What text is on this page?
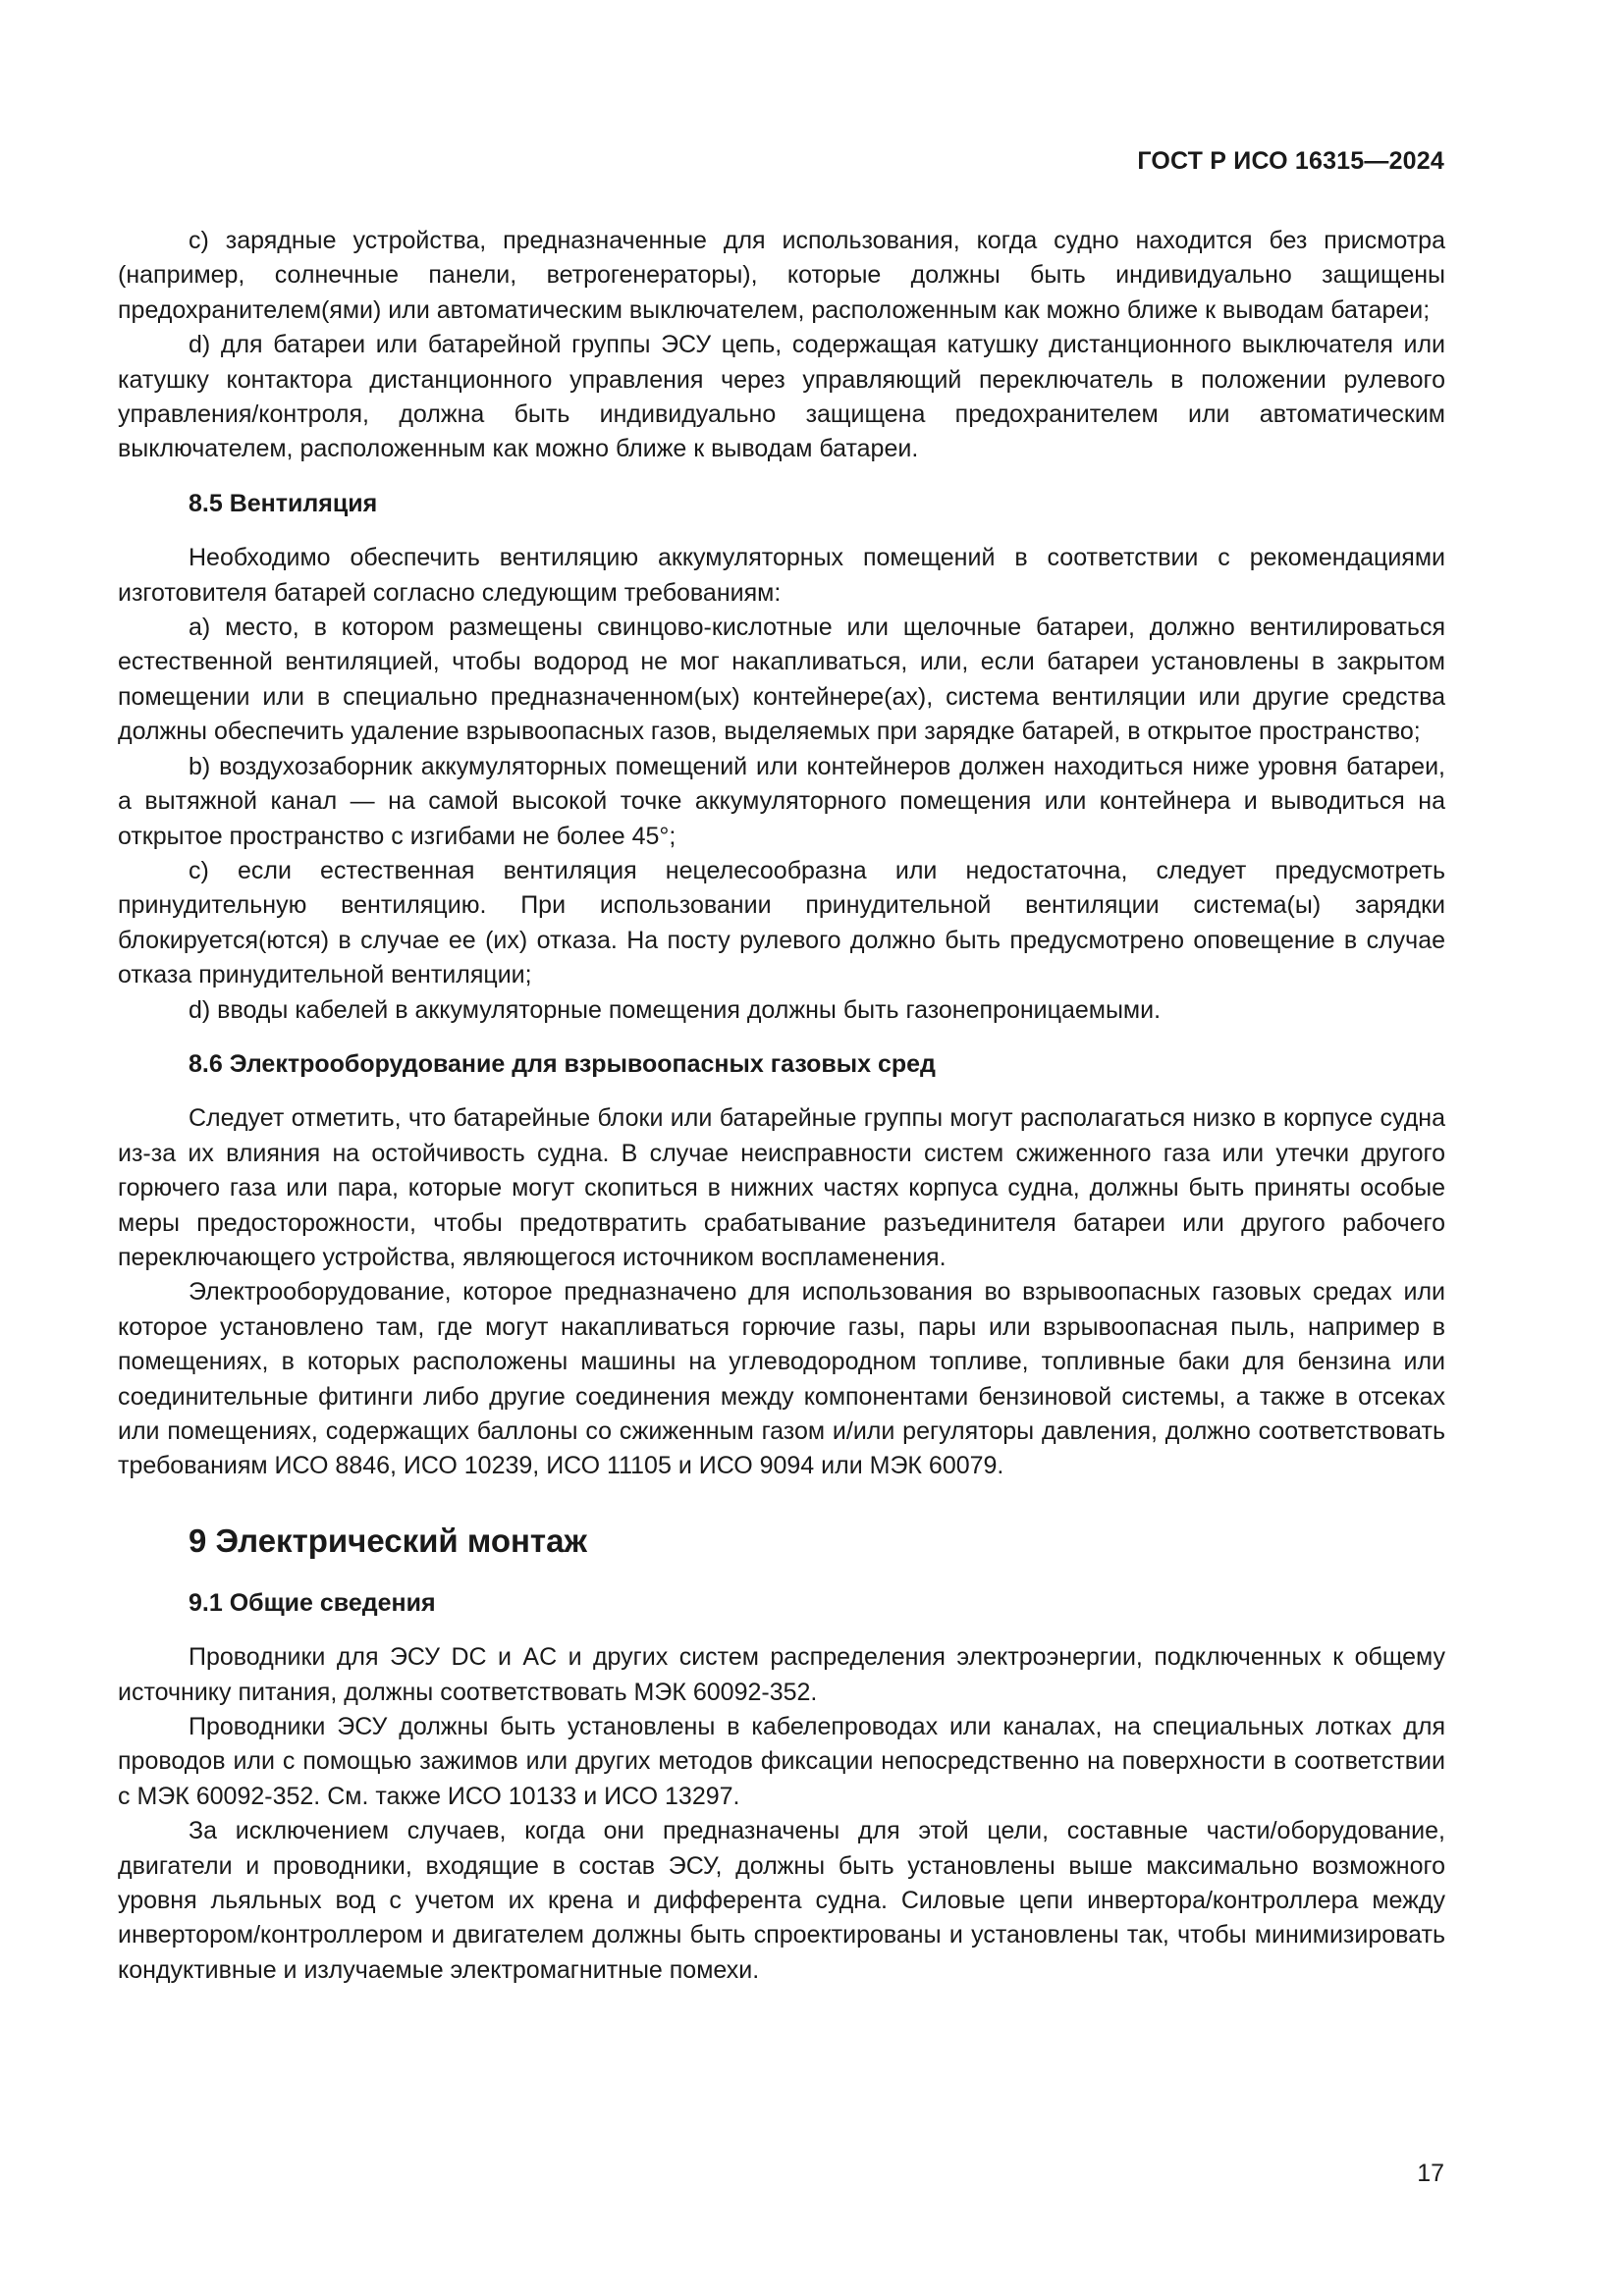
ГОСТ Р ИСО 16315—2024

c) зарядные устройства, предназначенные для использования, когда судно находится без присмотра (например, солнечные панели, ветрогенераторы), которые должны быть индивидуально защищены предохранителем(ями) или автоматическим выключателем, расположенным как можно ближе к выводам батареи;

d) для батареи или батарейной группы ЭСУ цепь, содержащая катушку дистанционного выключателя или катушку контактора дистанционного управления через управляющий переключатель в положении рулевого управления/контроля, должна быть индивидуально защищена предохранителем или автоматическим выключателем, расположенным как можно ближе к выводам батареи.

8.5 Вентиляция

Необходимо обеспечить вентиляцию аккумуляторных помещений в соответствии с рекомендациями изготовителя батарей согласно следующим требованиям:

a) место, в котором размещены свинцово-кислотные или щелочные батареи, должно вентилироваться естественной вентиляцией, чтобы водород не мог накапливаться, или, если батареи установлены в закрытом помещении или в специально предназначенном(ых) контейнере(ах), система вентиляции или другие средства должны обеспечить удаление взрывоопасных газов, выделяемых при зарядке батарей, в открытое пространство;

b) воздухозаборник аккумуляторных помещений или контейнеров должен находиться ниже уровня батареи, а вытяжной канал — на самой высокой точке аккумуляторного помещения или контейнера и выводиться на открытое пространство с изгибами не более 45°;

c) если естественная вентиляция нецелесообразна или недостаточна, следует предусмотреть принудительную вентиляцию. При использовании принудительной вентиляции система(ы) зарядки блокируется(ются) в случае ее (их) отказа. На посту рулевого должно быть предусмотрено оповещение в случае отказа принудительной вентиляции;

d) вводы кабелей в аккумуляторные помещения должны быть газонепроницаемыми.

8.6 Электрооборудование для взрывоопасных газовых сред

Следует отметить, что батарейные блоки или батарейные группы могут располагаться низко в корпусе судна из-за их влияния на остойчивость судна. В случае неисправности систем сжиженного газа или утечки другого горючего газа или пара, которые могут скопиться в нижних частях корпуса судна, должны быть приняты особые меры предосторожности, чтобы предотвратить срабатывание разъединителя батареи или другого рабочего переключающего устройства, являющегося источником воспламенения.

Электрооборудование, которое предназначено для использования во взрывоопасных газовых средах или которое установлено там, где могут накапливаться горючие газы, пары или взрывоопасная пыль, например в помещениях, в которых расположены машины на углеводородном топливе, топливные баки для бензина или соединительные фитинги либо другие соединения между компонентами бензиновой системы, а также в отсеках или помещениях, содержащих баллоны со сжиженным газом и/или регуляторы давления, должно соответствовать требованиям ИСО 8846, ИСО 10239, ИСО 11105 и ИСО 9094 или МЭК 60079.

9 Электрический монтаж
9.1 Общие сведения

Проводники для ЭСУ DC и AC и других систем распределения электроэнергии, подключенных к общему источнику питания, должны соответствовать МЭК 60092-352.

Проводники ЭСУ должны быть установлены в кабелепроводах или каналах, на специальных лотках для проводов или с помощью зажимов или других методов фиксации непосредственно на поверхности в соответствии с МЭК 60092-352. См. также ИСО 10133 и ИСО 13297.

За исключением случаев, когда они предназначены для этой цели, составные части/оборудование, двигатели и проводники, входящие в состав ЭСУ, должны быть установлены выше максимально возможного уровня льяльных вод с учетом их крена и дифферента судна. Силовые цепи инвертора/контроллера между инвертором/контроллером и двигателем должны быть спроектированы и установлены так, чтобы минимизировать кондуктивные и излучаемые электромагнитные помехи.

17
